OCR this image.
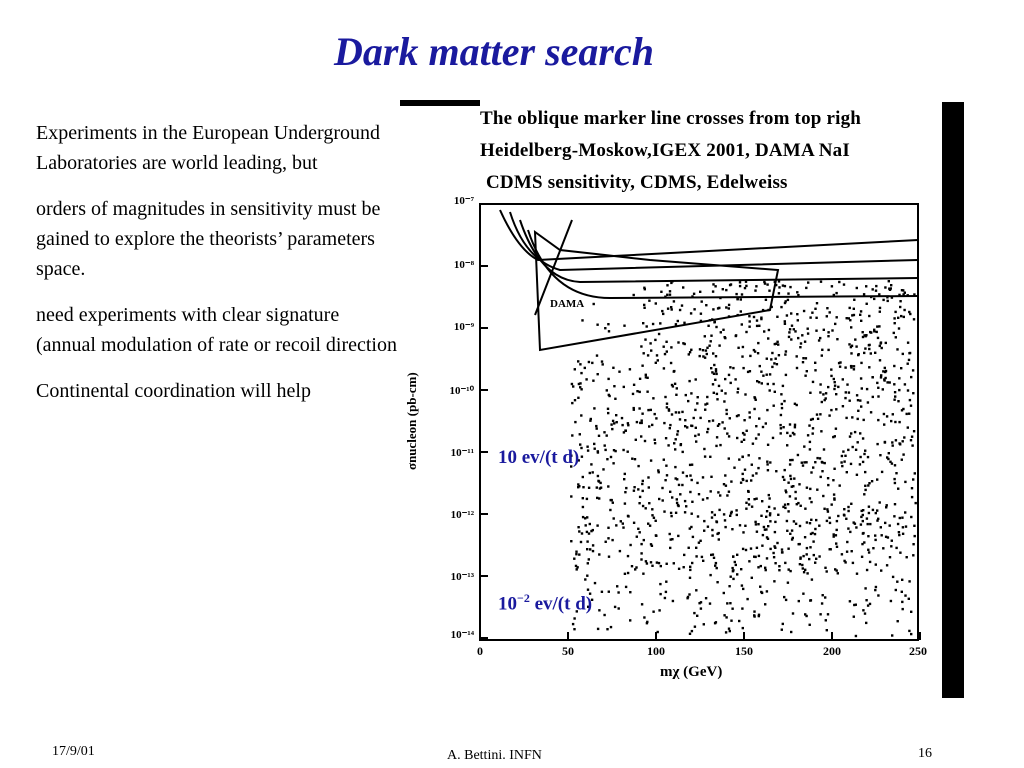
Dark matter search

Experiments in the European Underground Laboratories are world leading, but

orders of magnitudes in sensitivity must be gained to explore the theorists’ parameters space.

need experiments with clear signature (annual modulation of rate or recoil direction

Continental coordination will help

The oblique marker line crosses from top righ
Heidelberg-Moskow,IGEX 2001, DAMA NaI
CDMS sensitivity, CDMS, Edelweiss
DAMA
σnucleon (pb-cm)
mχ (GeV)
10⁻⁷
10⁻⁸
10⁻⁹
10⁻¹⁰
10⁻¹¹
10⁻¹²
10⁻¹³
10⁻¹⁴
0	50	100	150	200	250
10 ev/(t d)
$10^{-2}$ ev/(t d)
17/9/01	A. Bettini. INFN	16
